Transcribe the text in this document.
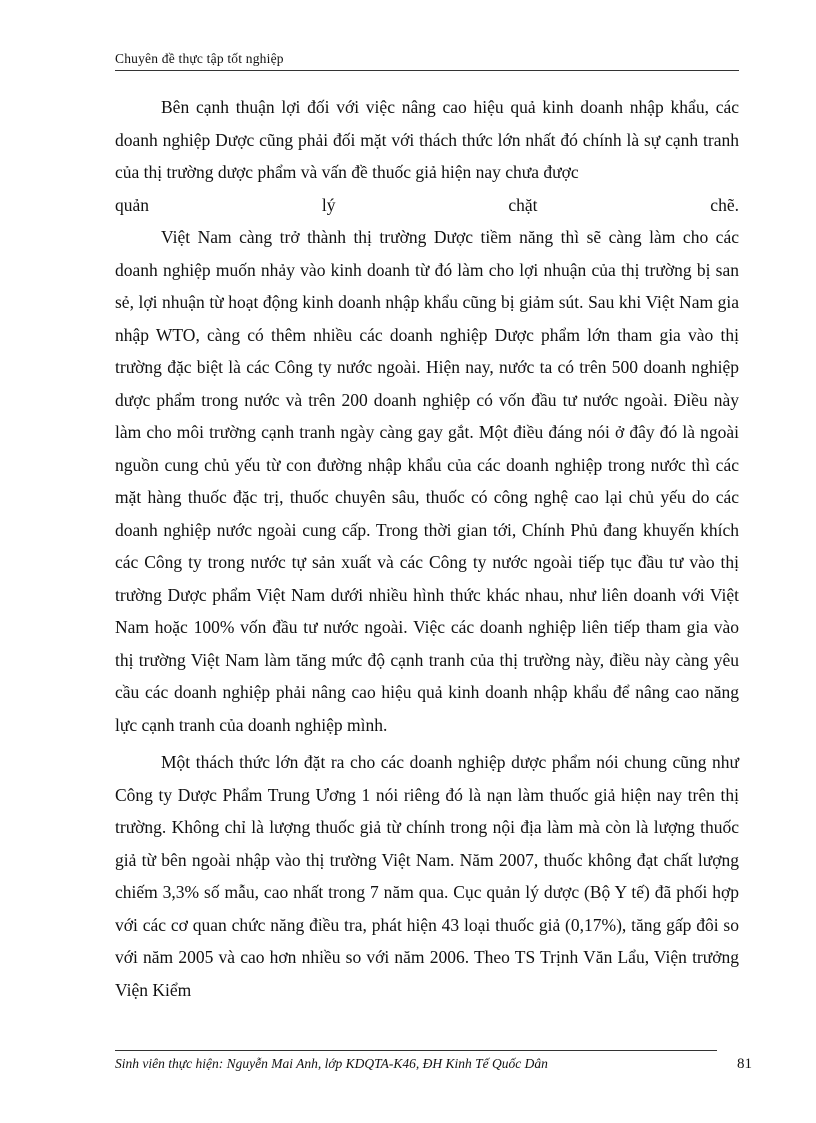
Chuyên đề thực tập tốt nghiệp

Bên cạnh thuận lợi đối với việc nâng cao hiệu quả kinh doanh nhập khẩu, các doanh nghiệp Dược cũng phải đối mặt với thách thức lớn nhất đó chính là sự cạnh tranh của thị trường dược phẩm và vấn đề thuốc giả hiện nay chưa được

quản	lý	chặt	chẽ.

Việt Nam càng trở thành thị trường Dược tiềm năng thì sẽ càng làm cho các doanh nghiệp muốn nhảy vào kinh doanh từ đó làm cho lợi nhuận của thị trường bị san sẻ, lợi nhuận từ hoạt động kinh doanh nhập khẩu cũng bị giảm sút. Sau khi Việt Nam gia nhập WTO, càng có thêm nhiều các doanh nghiệp Dược phẩm lớn tham gia vào thị trường đặc biệt là các Công ty nước ngoài. Hiện nay, nước ta có trên 500 doanh nghiệp dược phẩm trong nước và trên 200 doanh nghiệp có vốn đầu tư nước ngoài. Điều này làm cho môi trường cạnh tranh ngày càng gay gắt. Một điều đáng nói ở đây đó là ngoài nguồn cung chủ yếu từ con đường nhập khẩu của các doanh nghiệp trong nước thì các mặt hàng thuốc đặc trị, thuốc chuyên sâu, thuốc có công nghệ cao lại chủ yếu do các doanh nghiệp nước ngoài cung cấp. Trong thời gian tới, Chính Phủ đang khuyến khích các Công ty trong nước tự sản xuất và các Công ty nước ngoài tiếp tục đầu tư vào thị trường Dược phẩm Việt Nam dưới nhiều hình thức khác nhau, như liên doanh với Việt Nam hoặc 100% vốn đầu tư nước ngoài. Việc các doanh nghiệp liên tiếp tham gia vào thị trường Việt Nam làm tăng mức độ cạnh tranh của thị trường này, điều này càng yêu cầu các doanh nghiệp phải nâng cao hiệu quả kinh doanh nhập khẩu để nâng cao năng lực cạnh tranh của doanh nghiệp mình.

Một thách thức lớn đặt ra cho các doanh nghiệp dược phẩm nói chung cũng như Công ty Dược Phẩm Trung Ương 1 nói riêng đó là nạn làm thuốc giả hiện nay trên thị trường. Không chỉ là lượng thuốc giả từ chính trong nội địa làm mà còn là lượng thuốc giả từ bên ngoài nhập vào thị trường Việt Nam. Năm 2007, thuốc không đạt chất lượng chiếm 3,3% số mẫu, cao nhất trong 7 năm qua. Cục quản lý dược (Bộ Y tế) đã phối hợp với các cơ quan chức năng điều tra, phát hiện 43 loại thuốc giả (0,17%), tăng gấp đôi so với năm 2005 và cao hơn nhiều so với năm 2006. Theo TS Trịnh Văn Lẩu, Viện trưởng Viện Kiểm

Sinh viên thực hiện: Nguyễn Mai Anh, lớp KDQTA-K46, ĐH Kinh Tế Quốc Dân	81
